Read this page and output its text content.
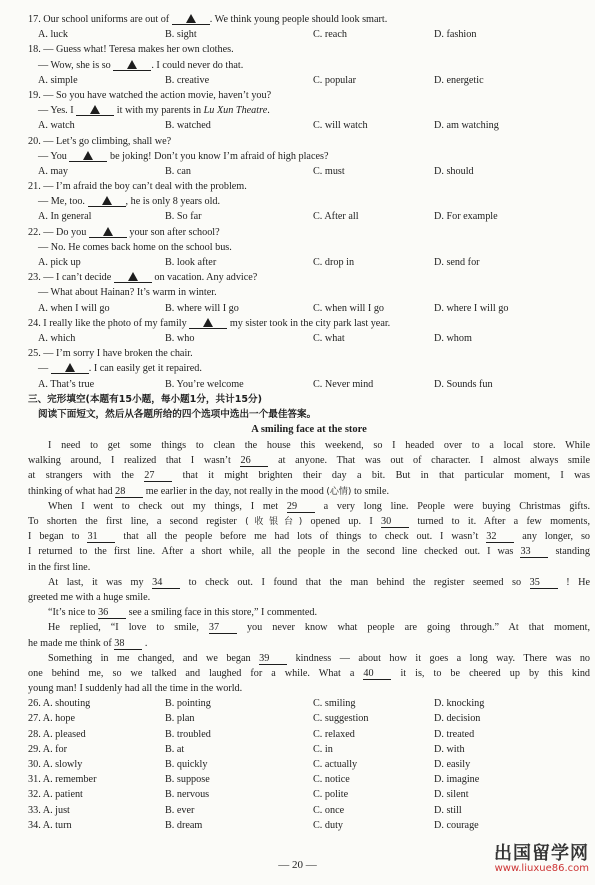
17. Our school uniforms are out of	. We think young people should look smart.
A. luck	B. sight	C. reach	D. fashion
18. — Guess what! Teresa makes her own clothes.
— Wow, she is so	. I could never do that.
A. simple	B. creative	C. popular	D. energetic
19. — So you have watched the action movie, haven’t you?
— Yes. I	it with my parents in Lu Xun Theatre.
A. watch	B. watched	C. will watch	D. am watching
20. — Let’s go climbing, shall we?
— You	be joking! Don’t you know I’m afraid of high places?
A. may	B. can	C. must	D. should
21. — I’m afraid the boy can’t deal with the problem.
— Me, too.	, he is only 8 years old.
A. In general	B. So far	C. After all	D. For example
22. — Do you	your son after school?
— No. He comes back home on the school bus.
A. pick up	B. look after	C. drop in	D. send for
23. — I can’t decide	on vacation. Any advice?
— What about Hainan? It’s warm in winter.
A. when I will go	B. where will I go	C. when will I go	D. where I will go
24. I really like the photo of my family	my sister took in the city park last year.
A. which	B. who	C. what	D. whom
25. — I’m sorry I have broken the chair.
—	. I can easily get it repaired.
A. That’s true	B. You’re welcome	C. Never mind	D. Sounds fun
三、完形填空(本题有15小题，每小题1分，共计15分)
阅读下面短文，然后从各题所给的四个选项中选出一个最佳答案。
A smiling face at the store
I need to get some things to clean the house this weekend, so I headed over to a local store. While
walking around, I realized that I wasn’t 26	at anyone. That was out of character. I almost always smile
at strangers with the 27	that it might brighten their day a bit. But in that particular moment, I was
thinking of what had 28 me earlier in the day, not really in the mood (心情) to smile.
When I went to check out my things, I met 29	a very long line. People were buying Christmas gifts.
To shorten the first line, a second register (收银台) opened up. I 30	turned to it. After a few moments,
I began to 31	that all the people before me had lots of things to check out. I wasn’t 32	any longer, so
I returned to the first line. After a short while, all the people in the second line checked out. I was 33 standing
in the first line.
At last, it was my 34	to check out. I found that the man behind the register seemed so 35	! He
greeted me with a huge smile.
“It’s nice to 36 see a smiling face in this store,” I commented.
He replied, “I love to smile, 37	you never know what people are going through.” At that moment,
he made me think of 38 .
Something in me changed, and we began 39	kindness — about how it goes a long way. There was no
one behind me, so we talked and laughed for a while. What a 40	it is, to be cheered up by this kind
young man! I suddenly had all the time in the world.
26. A. shouting	B. pointing	C. smiling	D. knocking
27. A. hope	B. plan	C. suggestion	D. decision
28. A. pleased	B. troubled	C. relaxed	D. treated
29. A. for	B. at	C. in	D. with
30. A. slowly	B. quickly	C. actually	D. easily
31. A. remember	B. suppose	C. notice	D. imagine
32. A. patient	B. nervous	C. polite	D. silent
33. A. just	B. ever	C. once	D. still
34. A. turn	B. dream	C. duty	D. courage
— 20 —
出国留学网
www.liuxue86.com
